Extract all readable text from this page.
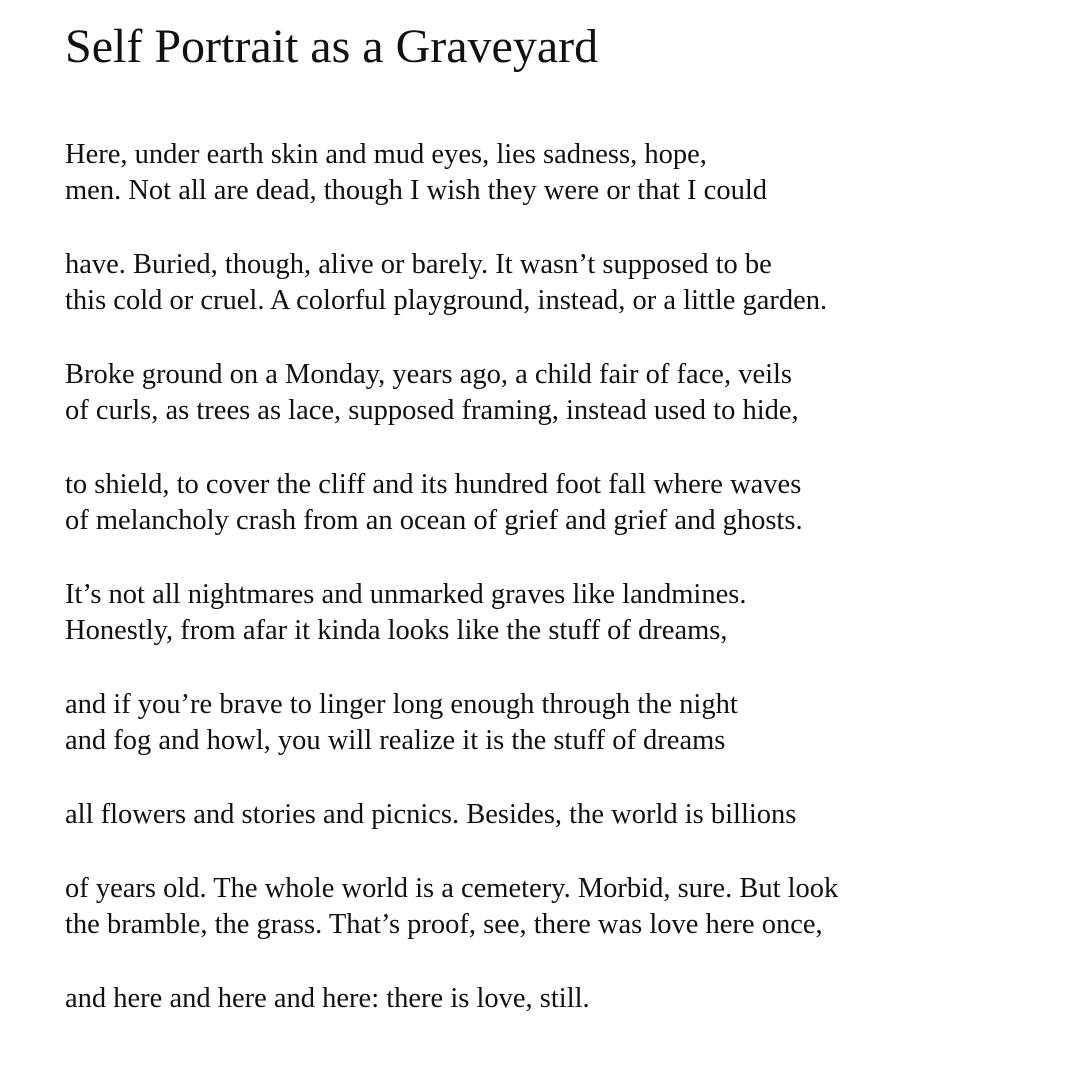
Self Portrait as a Graveyard

Here, under earth skin and mud eyes, lies sadness, hope,
men. Not all are dead, though I wish they were or that I could

have. Buried, though, alive or barely. It wasn’t supposed to be
this cold or cruel. A colorful playground, instead, or a little garden.

Broke ground on a Monday, years ago, a child fair of face, veils
of curls, as trees as lace, supposed framing, instead used to hide,

to shield, to cover the cliff and its hundred foot fall where waves
of melancholy crash from an ocean of grief and grief and ghosts.

It’s not all nightmares and unmarked graves like landmines.
Honestly, from afar it kinda looks like the stuff of dreams,

and if you’re brave to linger long enough through the night
and fog and howl, you will realize it is the stuff of dreams

all flowers and stories and picnics. Besides, the world is billions

of years old. The whole world is a cemetery. Morbid, sure. But look
the bramble, the grass. That’s proof, see, there was love here once,

and here and here and here: there is love, still.
